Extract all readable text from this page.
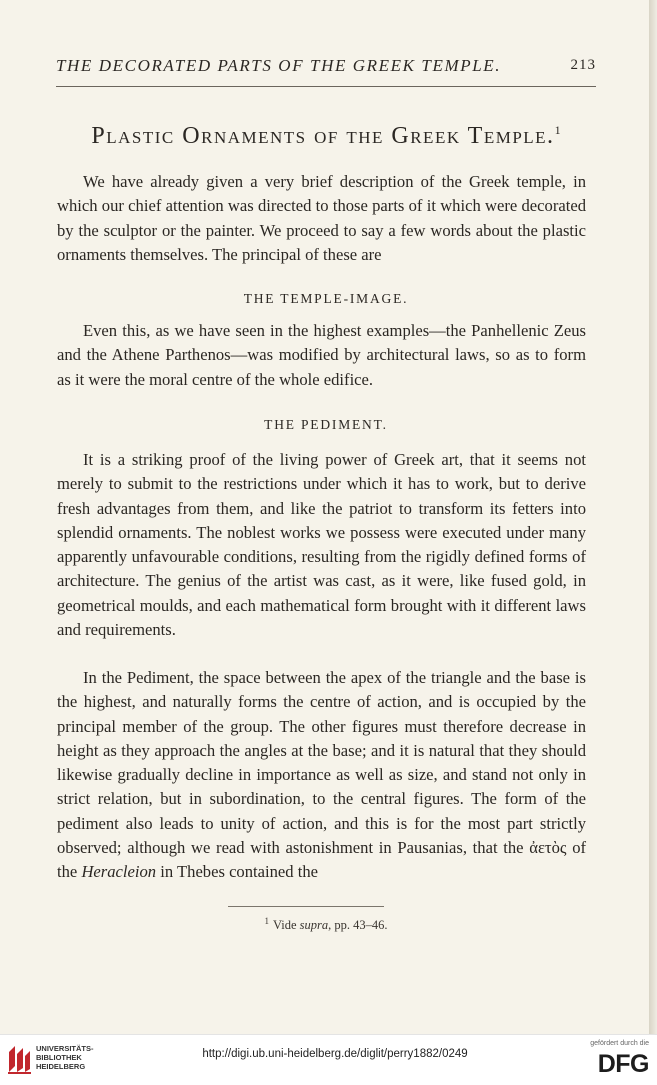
THE DECORATED PARTS OF THE GREEK TEMPLE.	213
Plastic Ornaments of the Greek Temple.$^1$

We have already given a very brief description of the Greek temple, in which our chief attention was directed to those parts of it which were decorated by the sculptor or the painter. We proceed to say a few words about the plastic ornaments themselves. The principal of these are

THE TEMPLE-IMAGE.

Even this, as we have seen in the highest examples—the Panhellenic Zeus and the Athene Parthenos—was modified by architectural laws, so as to form as it were the moral centre of the whole edifice.

THE PEDIMENT.

It is a striking proof of the living power of Greek art, that it seems not merely to submit to the restrictions under which it has to work, but to derive fresh advantages from them, and like the patriot to transform its fetters into splendid ornaments. The noblest works we possess were executed under many apparently unfavourable conditions, resulting from the rigidly defined forms of architecture. The genius of the artist was cast, as it were, like fused gold, in geometrical moulds, and each mathematical form brought with it different laws and requirements.

In the Pediment, the space between the apex of the triangle and the base is the highest, and naturally forms the centre of action, and is occupied by the principal member of the group. The other figures must therefore decrease in height as they approach the angles at the base; and it is natural that they should likewise gradually decline in importance as well as size, and stand not only in strict relation, but in subordination, to the central figures. The form of the pediment also leads to unity of action, and this is for the most part strictly observed; although we read with astonishment in Pausanias, that the ἀετὸς of the Heracleion in Thebes contained the

$^1$ Vide supra, pp. 43–46.
UNIVERSITÄTS-
BIBLIOTHEK
HEIDELBERG
http://digi.ub.uni-heidelberg.de/diglit/perry1882/0249
gefördert durch die
DFG
